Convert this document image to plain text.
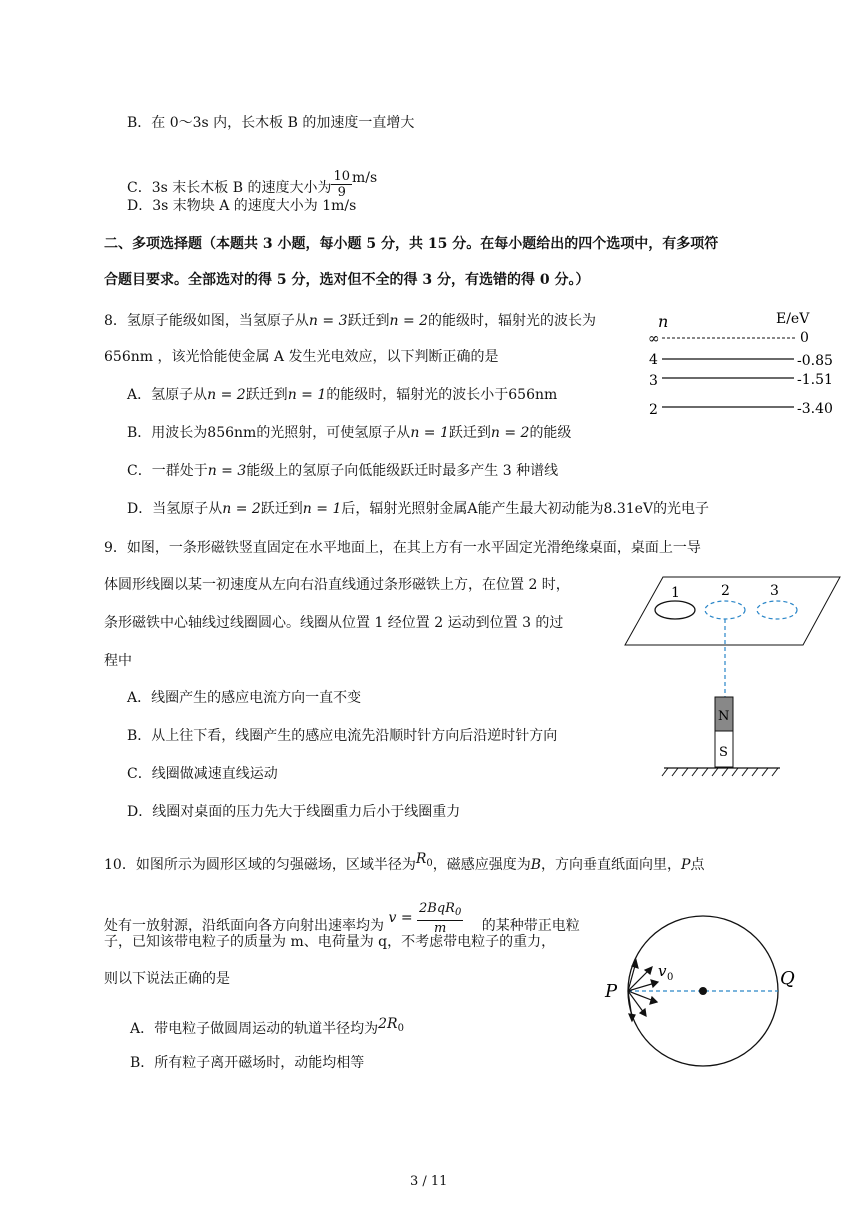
B．在 0～3s 内，长木板 B 的加速度一直增大
C．3s 末长木板 B 的速度大小为 $\frac{10}{9} m/s$
D．3s 末物块 A 的速度大小为 1m/s
二、多项选择题（本题共 3 小题，每小题 5 分，共 15 分。在每小题给出的四个选项中，有多项符
合题目要求。全部选对的得 5 分，选对但不全的得 3 分，有选错的得 0 分。）
8．氢原子能级如图，当氢原子从n = 3跃迁到n = 2的能级时，辐射光的波长为
656nm ，该光恰能使金属 A 发生光电效应，以下判断正确的是
A．氢原子从n = 2跃迁到n = 1的能级时，辐射光的波长小于656nm
B．用波长为856nm的光照射，可使氢原子从n = 1跃迁到n = 2的能级
C．一群处于n = 3能级上的氢原子向低能级跃迁时最多产生 3 种谱线
D．当氢原子从n = 2跃迁到n = 1后，辐射光照射金属A能产生最大初动能为8.31eV的光电子
n	E/eV
∞	0
4	-0.85
3	-1.51
2	-3.40
9．如图，一条形磁铁竖直固定在水平地面上，在其上方有一水平固定光滑绝缘桌面，桌面上一导
体圆形线圈以某一初速度从左向右沿直线通过条形磁铁上方，在位置 2 时，
条形磁铁中心轴线过线圈圆心。线圈从位置 1 经位置 2 运动到位置 3 的过
程中
A．线圈产生的感应电流方向一直不变
B．从上往下看，线圈产生的感应电流先沿顺时针方向后沿逆时针方向
C．线圈做减速直线运动
D．线圈对桌面的压力先大于线圈重力后小于线圈重力
1	2	3
N
S
10．如图所示为圆形区域的匀强磁场，区域半径为$R^0$，磁感应强度为B，方向垂直纸面向里，P点
处有一放射源，沿纸面向各方向射出速率均为 $v = \frac{2BqR_0}{m}$ 的某种带正电粒
子，已知该带电粒子的质量为 m、电荷量为 q，不考虑带电粒子的重力，
则以下说法正确的是
A．带电粒子做圆周运动的轨道半径均为$2R^0$
B．所有粒子离开磁场时，动能均相等
P
Q
v 0
3 / 11
